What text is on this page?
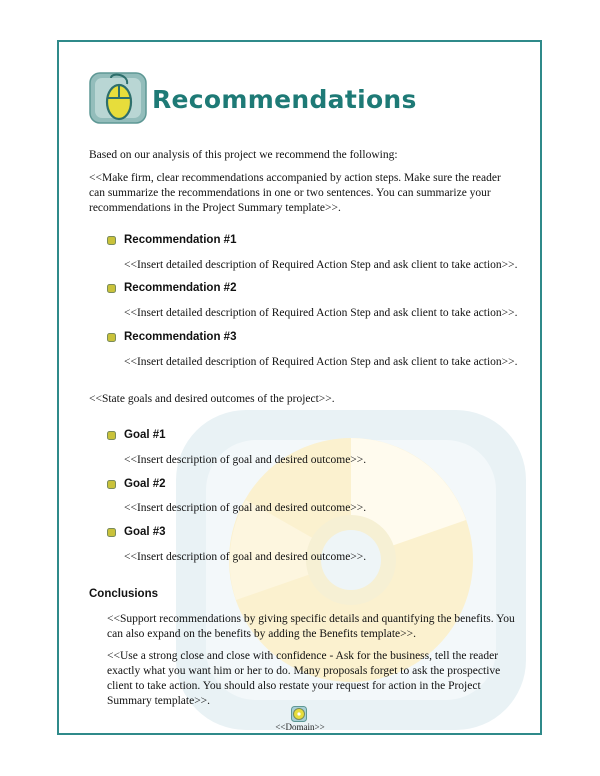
Recommendations

Based on our analysis of this project we recommend the following:

<<Make firm, clear recommendations accompanied by action steps. Make sure the reader can summarize the recommendations in one or two sentences. You can summarize your recommendations in the Project Summary template>>.

Recommendation #1

<<Insert detailed description of Required Action Step and ask client to take action>>.

Recommendation #2

<<Insert detailed description of Required Action Step and ask client to take action>>.

Recommendation #3

<<Insert detailed description of Required Action Step and ask client to take action>>.

<<State goals and desired outcomes of the project>>.

Goal #1

<<Insert description of goal and desired outcome>>.

Goal #2

<<Insert description of goal and desired outcome>>.

Goal #3

<<Insert description of goal and desired outcome>>.

Conclusions

<<Support recommendations by giving specific details and quantifying the benefits. You can also expand on the benefits by adding the Benefits template>>.

<<Use a strong close and close with confidence - Ask for the business, tell the reader exactly what you want him or her to do. Many proposals forget to ask the prospective client to take action. You should also restate your request for action in the Project Summary template>>.

<<Domain>>
